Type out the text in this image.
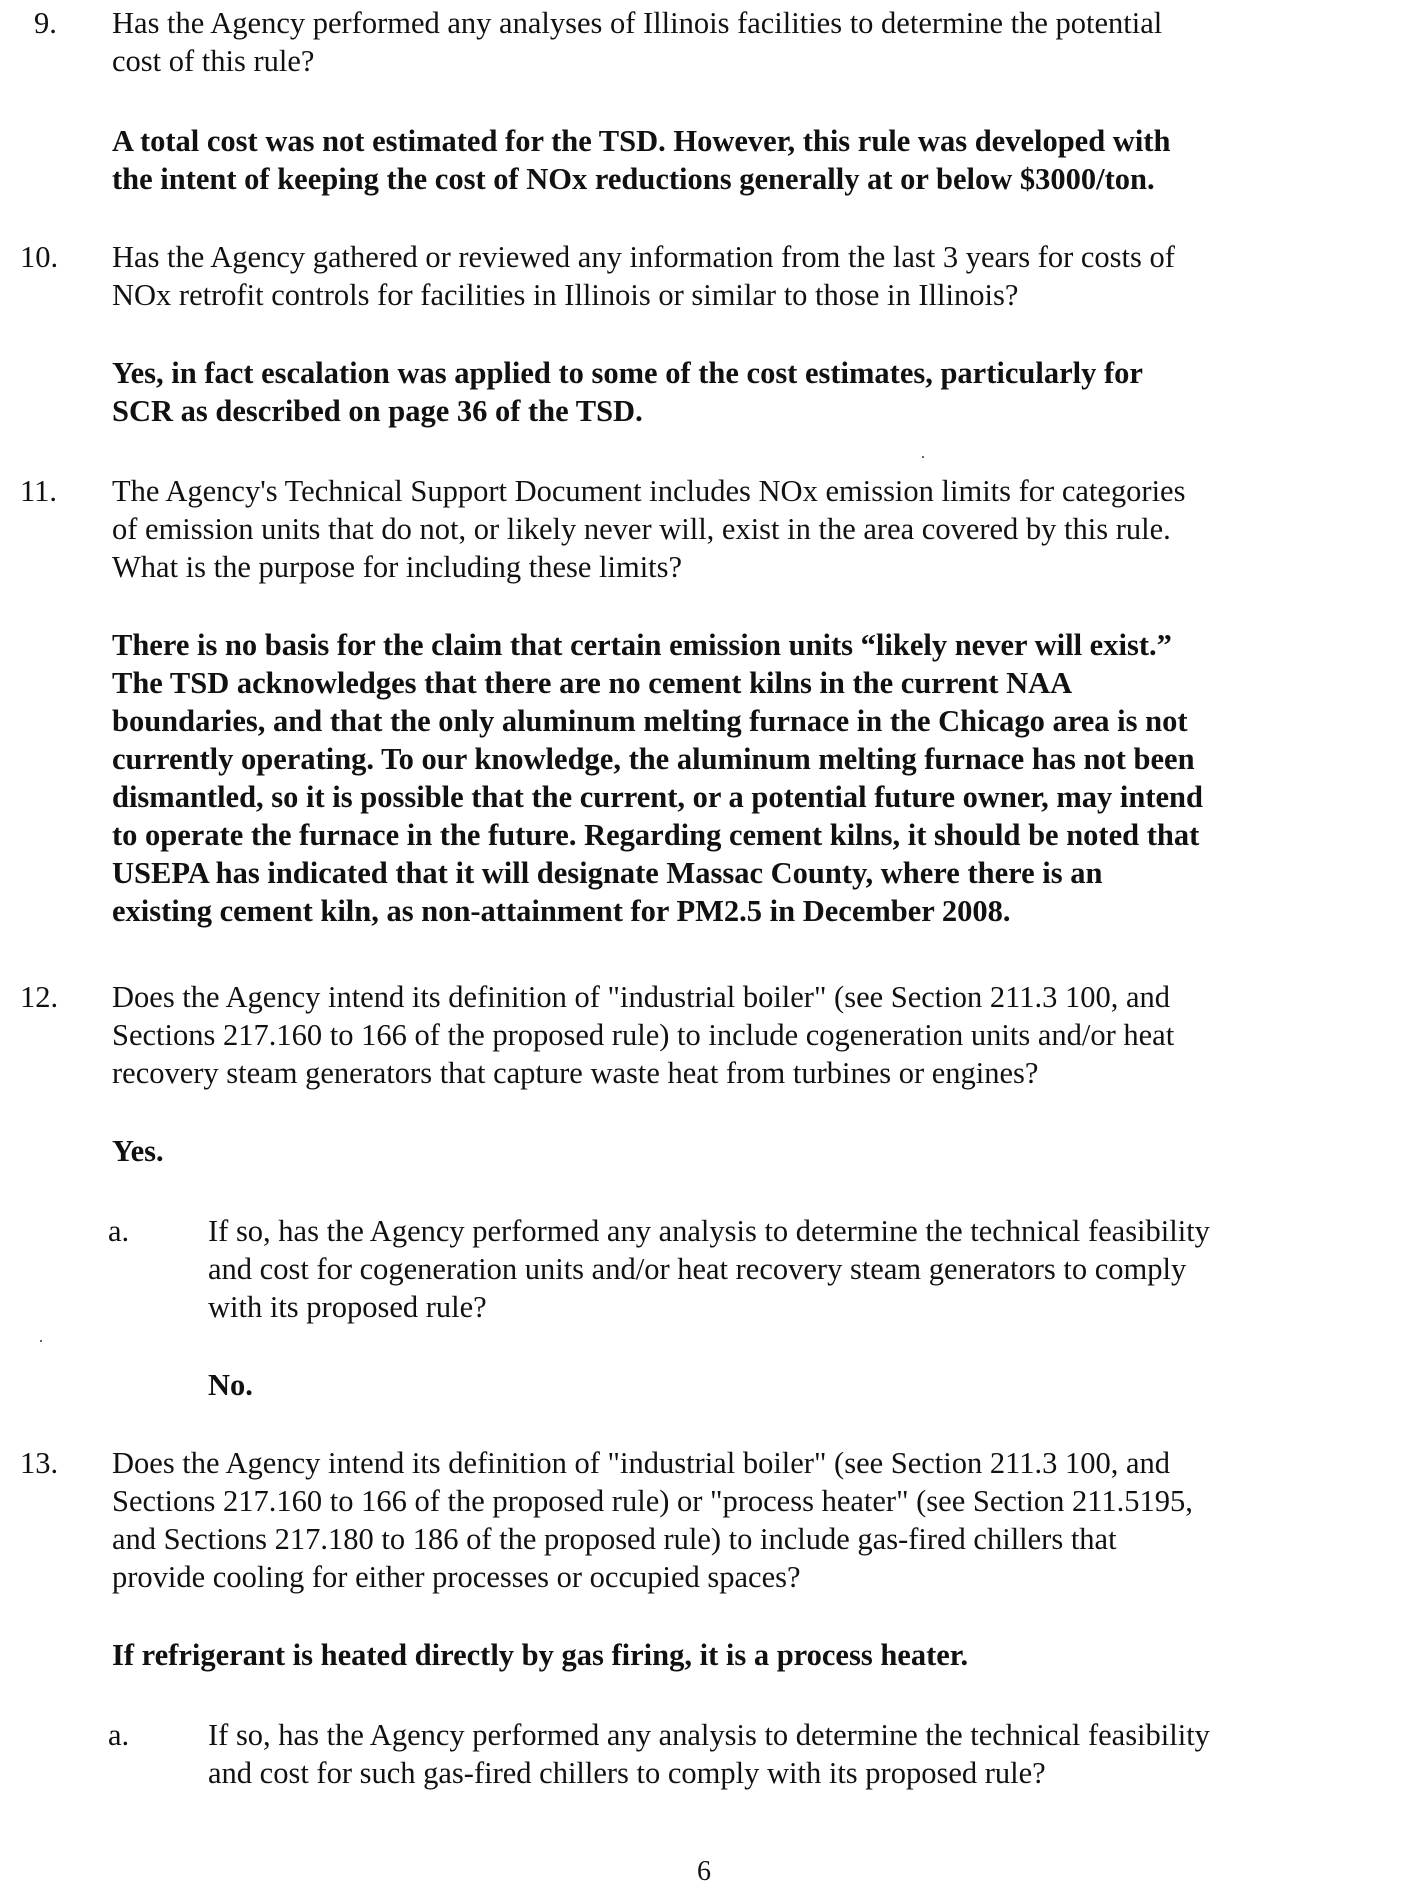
9. Has the Agency performed any analyses of Illinois facilities to determine the potential
cost of this rule?
A total cost was not estimated for the TSD. However, this rule was developed with
the intent of keeping the cost of NOx reductions generally at or below $3000/ton.
10. Has the Agency gathered or reviewed any information from the last 3 years for costs of
NOx retrofit controls for facilities in Illinois or similar to those in Illinois?
Yes, in fact escalation was applied to some of the cost estimates, particularly for
SCR as described on page 36 of the TSD.
11. The Agency's Technical Support Document includes NOx emission limits for categories
of emission units that do not, or likely never will, exist in the area covered by this rule.
What is the purpose for including these limits?
There is no basis for the claim that certain emission units “likely never will exist.”
The TSD acknowledges that there are no cement kilns in the current NAA
boundaries, and that the only aluminum melting furnace in the Chicago area is not
currently operating. To our knowledge, the aluminum melting furnace has not been
dismantled, so it is possible that the current, or a potential future owner, may intend
to operate the furnace in the future. Regarding cement kilns, it should be noted that
USEPA has indicated that it will designate Massac County, where there is an
existing cement kiln, as non-attainment for PM2.5 in December 2008.
12. Does the Agency intend its definition of "industrial boiler" (see Section 211.3 100, and
Sections 217.160 to 166 of the proposed rule) to include cogeneration units and/or heat
recovery steam generators that capture waste heat from turbines or engines?
Yes.
a.	If so, has the Agency performed any analysis to determine the technical feasibility
and cost for cogeneration units and/or heat recovery steam generators to comply
with its proposed rule?
No.
13. Does the Agency intend its definition of "industrial boiler" (see Section 211.3 100, and
Sections 217.160 to 166 of the proposed rule) or "process heater" (see Section 211.5195,
and Sections 217.180 to 186 of the proposed rule) to include gas-fired chillers that
provide cooling for either processes or occupied spaces?
If refrigerant is heated directly by gas firing, it is a process heater.
a.	If so, has the Agency performed any analysis to determine the technical feasibility
and cost for such gas-fired chillers to comply with its proposed rule?
6
